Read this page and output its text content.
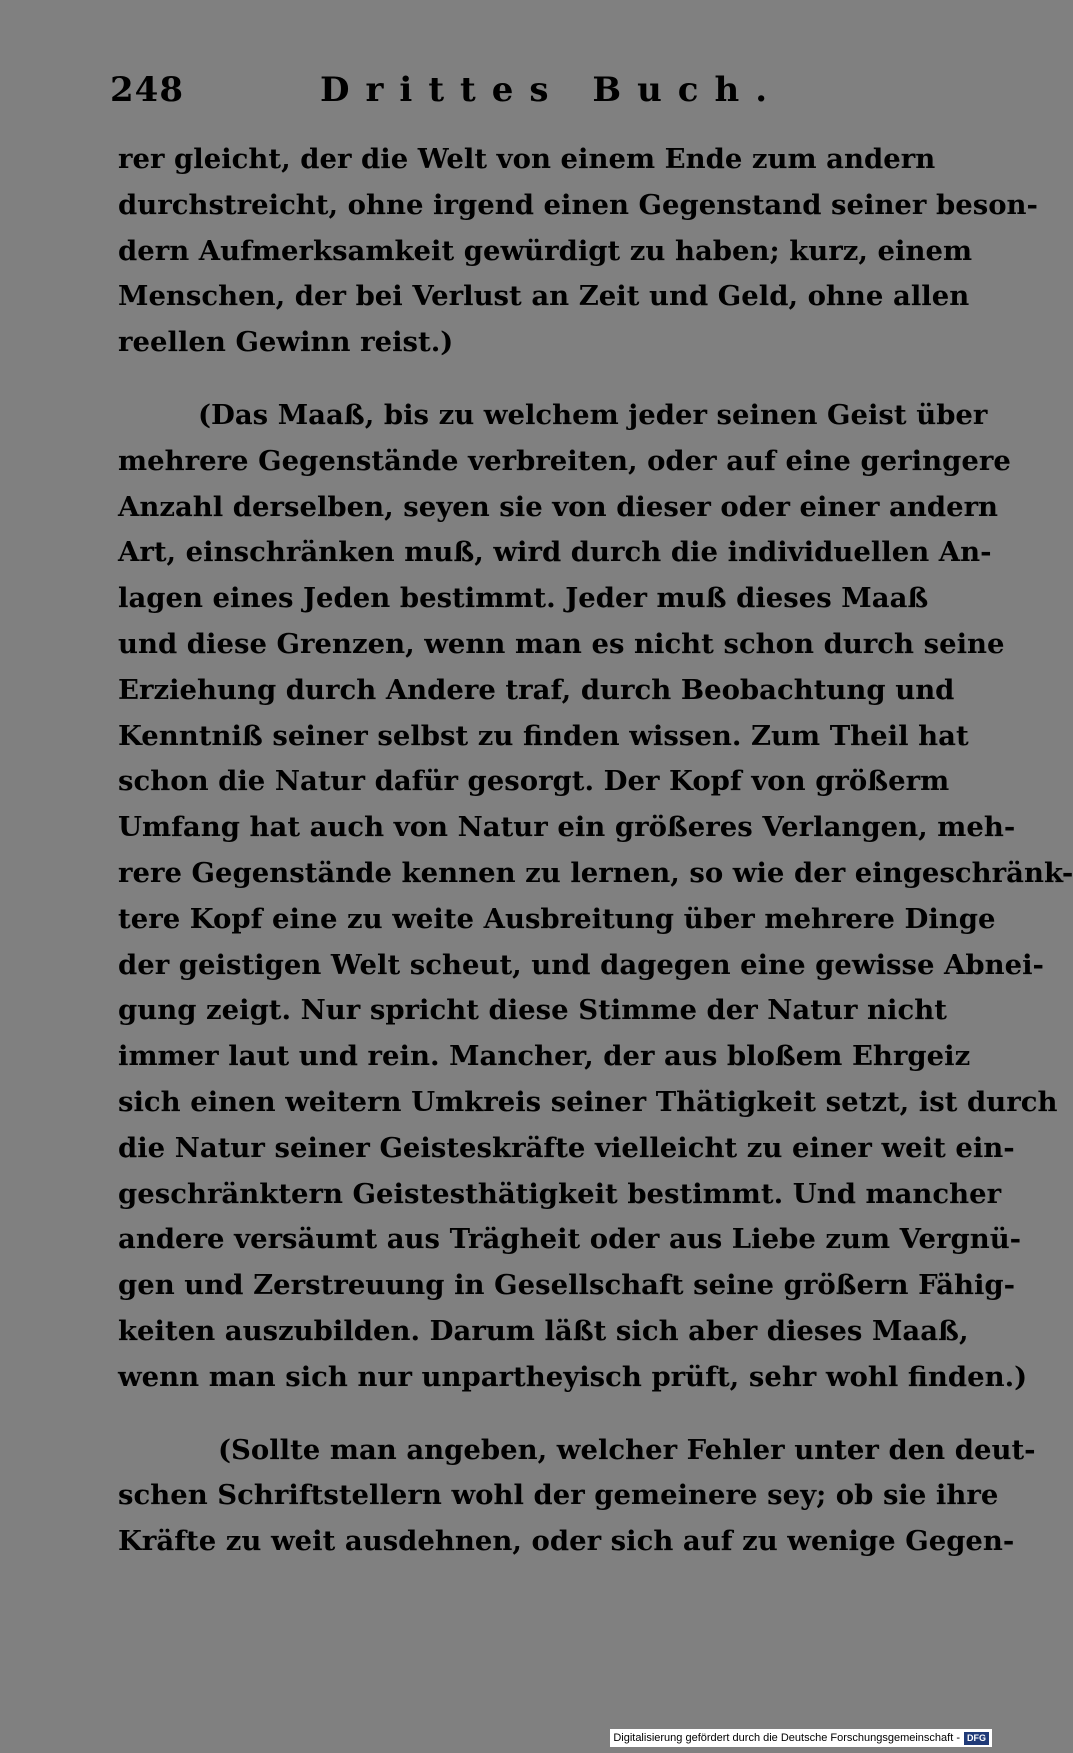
248	Drittes Buch.
rer gleicht, der die Welt von einem Ende zum andern
durchstreicht, ohne irgend einen Gegenstand seiner beson-
dern Aufmerksamkeit gewürdigt zu haben; kurz, einem
Menschen, der bei Verlust an Zeit und Geld, ohne allen
reellen Gewinn reist.)
(Das Maaß, bis zu welchem jeder seinen Geist über
mehrere Gegenstände verbreiten, oder auf eine geringere
Anzahl derselben, seyen sie von dieser oder einer andern
Art, einschränken muß, wird durch die individuellen An-
lagen eines Jeden bestimmt. Jeder muß dieses Maaß
und diese Grenzen, wenn man es nicht schon durch seine
Erziehung durch Andere traf, durch Beobachtung und
Kenntniß seiner selbst zu finden wissen. Zum Theil hat
schon die Natur dafür gesorgt. Der Kopf von größerm
Umfang hat auch von Natur ein größeres Verlangen, meh-
rere Gegenstände kennen zu lernen, so wie der eingeschränk-
tere Kopf eine zu weite Ausbreitung über mehrere Dinge
der geistigen Welt scheut, und dagegen eine gewisse Abnei-
gung zeigt. Nur spricht diese Stimme der Natur nicht
immer laut und rein. Mancher, der aus bloßem Ehrgeiz
sich einen weitern Umkreis seiner Thätigkeit setzt, ist durch
die Natur seiner Geisteskräfte vielleicht zu einer weit ein-
geschränktern Geistesthätigkeit bestimmt. Und mancher
andere versäumt aus Trägheit oder aus Liebe zum Vergnü-
gen und Zerstreuung in Gesellschaft seine größern Fähig-
keiten auszubilden. Darum läßt sich aber dieses Maaß,
wenn man sich nur unpartheyisch prüft, sehr wohl finden.)
(Sollte man angeben, welcher Fehler unter den deut-
schen Schriftstellern wohl der gemeinere sey; ob sie ihre
Kräfte zu weit ausdehnen, oder sich auf zu wenige Gegen-
Digitalisierung gefördert durch die Deutsche Forschungsgemeinschaft - DFG
